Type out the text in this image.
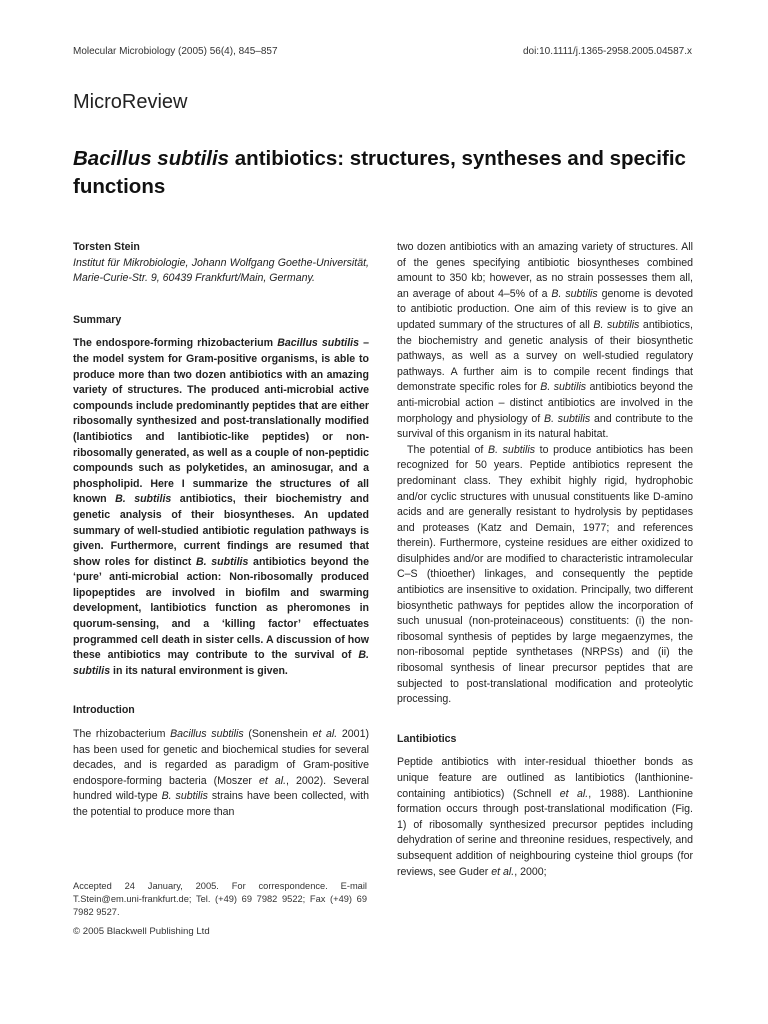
Molecular Microbiology (2005) 56(4), 845–857	doi:10.1111/j.1365-2958.2005.04587.x
MicroReview
Bacillus subtilis antibiotics: structures, syntheses and specific functions

Torsten Stein

Institut für Mikrobiologie, Johann Wolfgang Goethe-Universität, Marie-Curie-Str. 9, 60439 Frankfurt/Main, Germany.

Summary

The endospore-forming rhizobacterium Bacillus subtilis – the model system for Gram-positive organisms, is able to produce more than two dozen antibiotics with an amazing variety of structures. The produced anti-microbial active compounds include predominantly peptides that are either ribosomally synthesized and post-translationally modified (lantibiotics and lantibiotic-like peptides) or non-ribosomally generated, as well as a couple of non-peptidic compounds such as polyketides, an aminosugar, and a phospholipid. Here I summarize the structures of all known B. subtilis antibiotics, their biochemistry and genetic analysis of their biosyntheses. An updated summary of well-studied antibiotic regulation pathways is given. Furthermore, current findings are resumed that show roles for distinct B. subtilis antibiotics beyond the ‘pure’ anti-microbial action: Non-ribosomally produced lipopeptides are involved in biofilm and swarming development, lantibiotics function as pheromones in quorum-sensing, and a ‘killing factor’ effectuates programmed cell death in sister cells. A discussion of how these antibiotics may contribute to the survival of B. subtilis in its natural environment is given.

Introduction

The rhizobacterium Bacillus subtilis (Sonenshein et al. 2001) has been used for genetic and biochemical studies for several decades, and is regarded as paradigm of Gram-positive endospore-forming bacteria (Moszer et al., 2002). Several hundred wild-type B. subtilis strains have been collected, with the potential to produce more than

two dozen antibiotics with an amazing variety of structures. All of the genes specifying antibiotic biosyntheses combined amount to 350 kb; however, as no strain possesses them all, an average of about 4–5% of a B. subtilis genome is devoted to antibiotic production. One aim of this review is to give an updated summary of the structures of all B. subtilis antibiotics, the biochemistry and genetic analysis of their biosynthetic pathways, as well as a survey on well-studied regulatory pathways. A further aim is to compile recent findings that demonstrate specific roles for B. subtilis antibiotics beyond the anti-microbial action – distinct antibiotics are involved in the morphology and physiology of B. subtilis and contribute to the survival of this organism in its natural habitat.

The potential of B. subtilis to produce antibiotics has been recognized for 50 years. Peptide antibiotics represent the predominant class. They exhibit highly rigid, hydrophobic and/or cyclic structures with unusual constituents like D-amino acids and are generally resistant to hydrolysis by peptidases and proteases (Katz and Demain, 1977; and references therein). Furthermore, cysteine residues are either oxidized to disulphides and/or are modified to characteristic intramolecular C–S (thioether) linkages, and consequently the peptide antibiotics are insensitive to oxidation. Principally, two different biosynthetic pathways for peptides allow the incorporation of such unusual (non-proteinaceous) constituents: (i) the non-ribosomal synthesis of peptides by large megaenzymes, the non-ribosomal peptide synthetases (NRPSs) and (ii) the ribosomal synthesis of linear precursor peptides that are subjected to post-translational modification and proteolytic processing.

Lantibiotics

Peptide antibiotics with inter-residual thioether bonds as unique feature are outlined as lantibiotics (lanthionine-containing antibiotics) (Schnell et al., 1988). Lanthionine formation occurs through post-translational modification (Fig. 1) of ribosomally synthesized precursor peptides including dehydration of serine and threonine residues, respectively, and subsequent addition of neighbouring cysteine thiol groups (for reviews, see Guder et al., 2000;

Accepted 24 January, 2005. For correspondence. E-mail T.Stein@em.uni-frankfurt.de; Tel. (+49) 69 7982 9522; Fax (+49) 69 7982 9527.
© 2005 Blackwell Publishing Ltd
